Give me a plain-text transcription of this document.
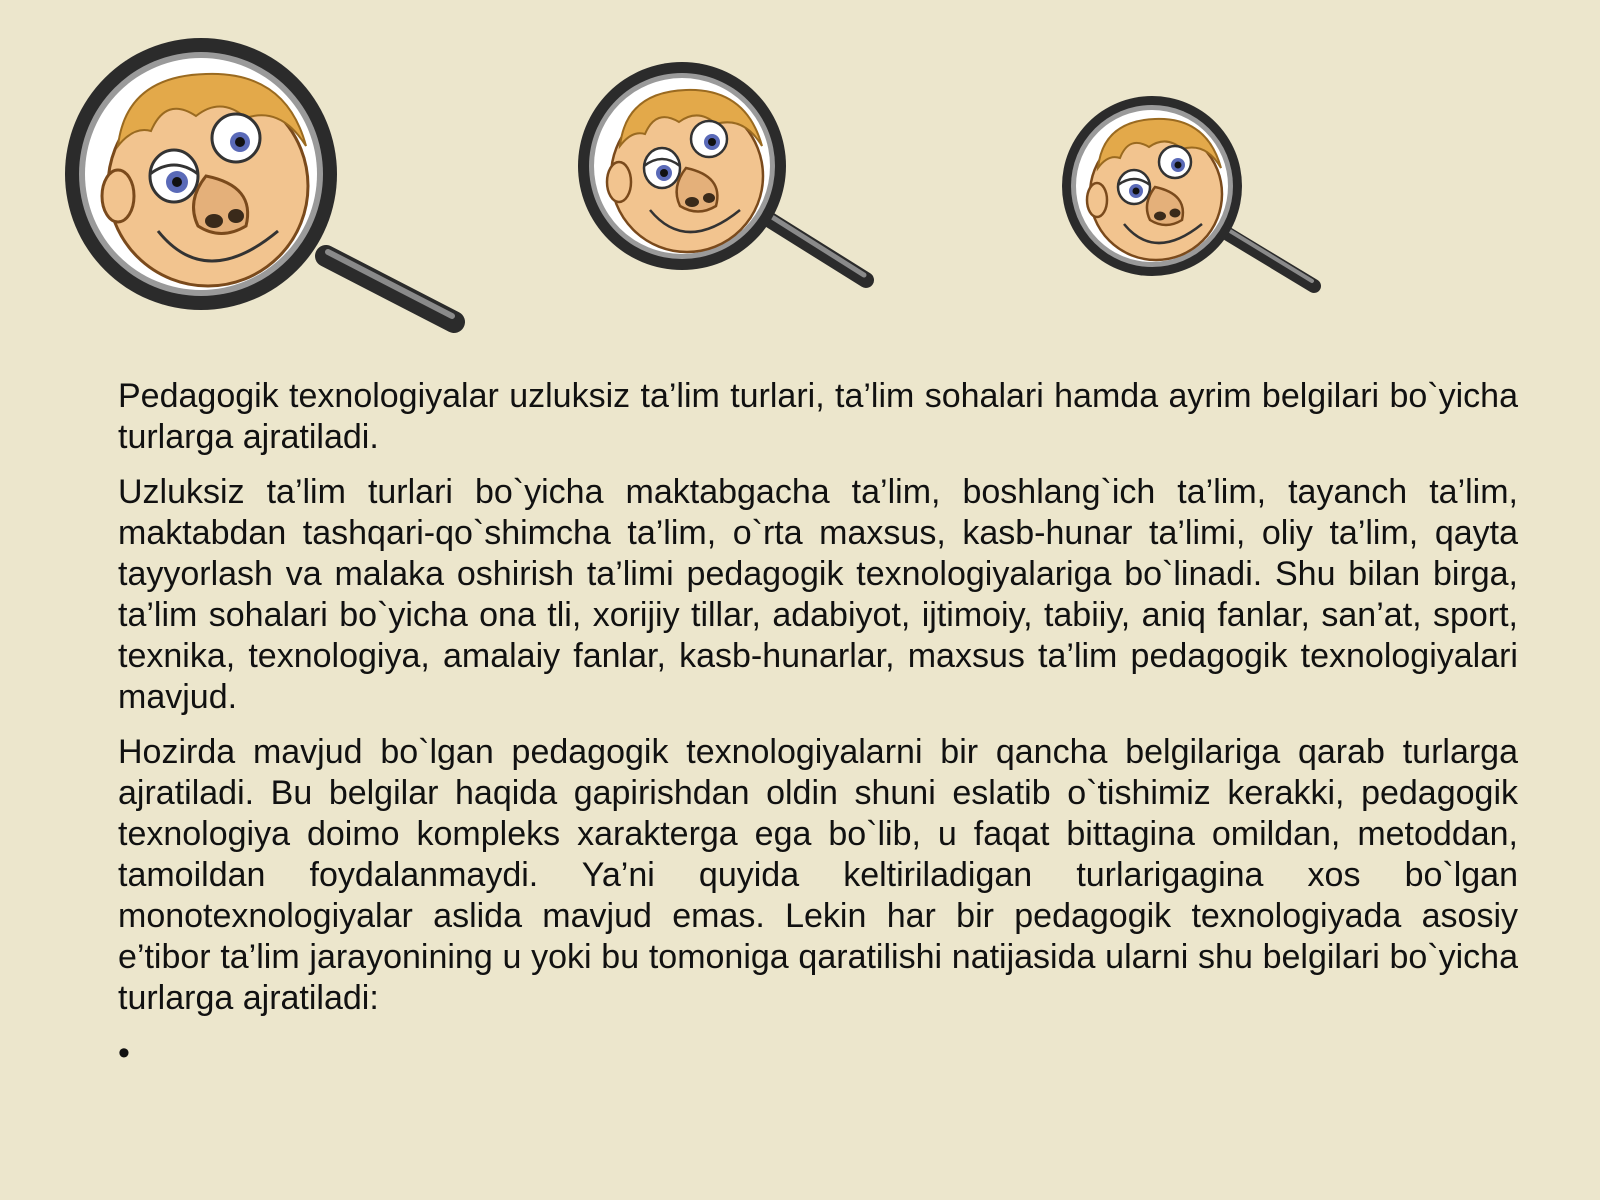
Pedagogik texnologiyalar uzluksiz ta’lim turlari, ta’lim sohalari hamda ayrim belgilari bo`yicha turlarga ajratiladi.

Uzluksiz ta’lim turlari bo`yicha maktabgacha ta’lim, boshlang`ich ta’lim, tayanch ta’lim, maktabdan tashqari-qo`shimcha ta’lim, o`rta maxsus, kasb-hunar ta’limi, oliy ta’lim, qayta tayyorlash va malaka oshirish ta’limi pedagogik texnologiyalariga bo`linadi. Shu bilan birga, ta’lim sohalari bo`yicha ona tli, xorijiy tillar, adabiyot, ijtimoiy, tabiiy, aniq fanlar, san’at, sport, texnika, texnologiya, amalaiy fanlar, kasb-hunarlar, maxsus ta’lim pedagogik texnologiyalari mavjud.

Hozirda mavjud bo`lgan pedagogik texnologiyalarni bir qancha belgilariga qarab turlarga ajratiladi. Bu belgilar haqida gapirishdan oldin shuni eslatib o`tishimiz kerakki, pedagogik texnologiya doimo kompleks xarakterga ega bo`lib, u faqat bittagina omildan, metoddan, tamoildan foydalanmaydi. Ya’ni quyida keltiriladigan turlarigagina xos bo`lgan monotexnologiyalar aslida mavjud emas. Lekin har bir pedagogik texnologiyada asosiy e’tibor ta’lim jarayonining u yoki bu tomoniga qaratilishi natijasida ularni shu belgilari bo`yicha turlarga ajratiladi:

•
